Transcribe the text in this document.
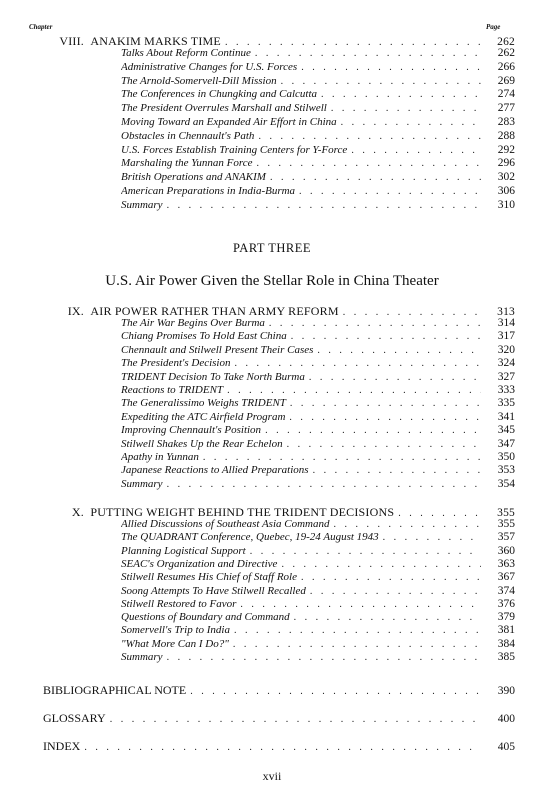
Chapter	Page
VIII. ANAKIM MARKS TIME . . .	262
Talks About Reform Continue . . .	262
Administrative Changes for U.S. Forces . . .	266
The Arnold-Somervell-Dill Mission . . .	269
The Conferences in Chungking and Calcutta . . .	274
The President Overrules Marshall and Stilwell . . .	277
Moving Toward an Expanded Air Effort in China . . .	283
Obstacles in Chennault's Path . . .	288
U.S. Forces Establish Training Centers for Y-Force . . .	292
Marshaling the Yunnan Force . . .	296
British Operations and ANAKIM . . .	302
American Preparations in India-Burma . . .	306
Summary . . .	310
PART THREE
U.S. Air Power Given the Stellar Role in China Theater
IX. AIR POWER RATHER THAN ARMY REFORM . . .	313
The Air War Begins Over Burma . . .	314
Chiang Promises To Hold East China . . .	317
Chennault and Stilwell Present Their Cases . . .	320
The President's Decision . . .	324
TRIDENT Decision To Take North Burma . . .	327
Reactions to TRIDENT . . .	333
The Generalissimo Weighs TRIDENT . . .	335
Expediting the ATC Airfield Program . . .	341
Improving Chennault's Position . . .	345
Stilwell Shakes Up the Rear Echelon . . .	347
Apathy in Yunnan . . .	350
Japanese Reactions to Allied Preparations . . .	353
Summary . . .	354
X. PUTTING WEIGHT BEHIND THE TRIDENT DECISIONS . . .	355
Allied Discussions of Southeast Asia Command . . .	355
The QUADRANT Conference, Quebec, 19-24 August 1943 . . .	357
Planning Logistical Support . . .	360
SEAC's Organization and Directive . . .	363
Stilwell Resumes His Chief of Staff Role . . .	367
Soong Attempts To Have Stilwell Recalled . . .	374
Stilwell Restored to Favor . . .	376
Questions of Boundary and Command . . .	379
Somervell's Trip to India . . .	381
"What More Can I Do?" . . .	384
Summary . . .	385
BIBLIOGRAPHICAL NOTE . . .	390
GLOSSARY . . .	400
INDEX . . .	405
xvii
